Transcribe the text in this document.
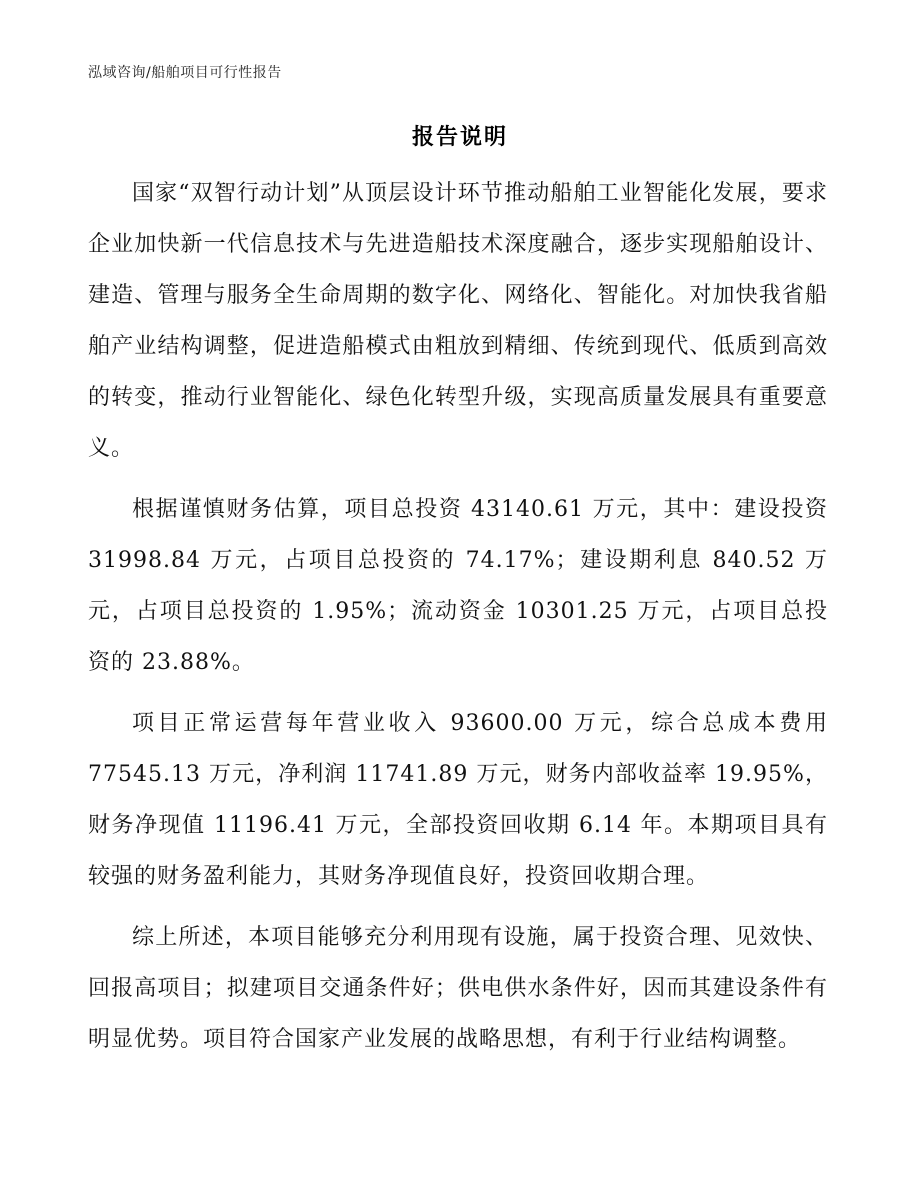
泓域咨询/船舶项目可行性报告
报告说明

国家“双智行动计划”从顶层设计环节推动船舶工业智能化发展，要求企业加快新一代信息技术与先进造船技术深度融合，逐步实现船舶设计、建造、管理与服务全生命周期的数字化、网络化、智能化。对加快我省船舶产业结构调整，促进造船模式由粗放到精细、传统到现代、低质到高效的转变，推动行业智能化、绿色化转型升级，实现高质量发展具有重要意义。

根据谨慎财务估算，项目总投资 43140.61 万元，其中：建设投资 31998.84 万元，占项目总投资的 74.17%；建设期利息 840.52 万元，占项目总投资的 1.95%；流动资金 10301.25 万元，占项目总投资的 23.88%。

项目正常运营每年营业收入 93600.00 万元，综合总成本费用 77545.13 万元，净利润 11741.89 万元，财务内部收益率 19.95%，财务净现值 11196.41 万元，全部投资回收期 6.14 年。本期项目具有较强的财务盈利能力，其财务净现值良好，投资回收期合理。

综上所述，本项目能够充分利用现有设施，属于投资合理、见效快、回报高项目；拟建项目交通条件好；供电供水条件好，因而其建设条件有明显优势。项目符合国家产业发展的战略思想，有利于行业结构调整。
